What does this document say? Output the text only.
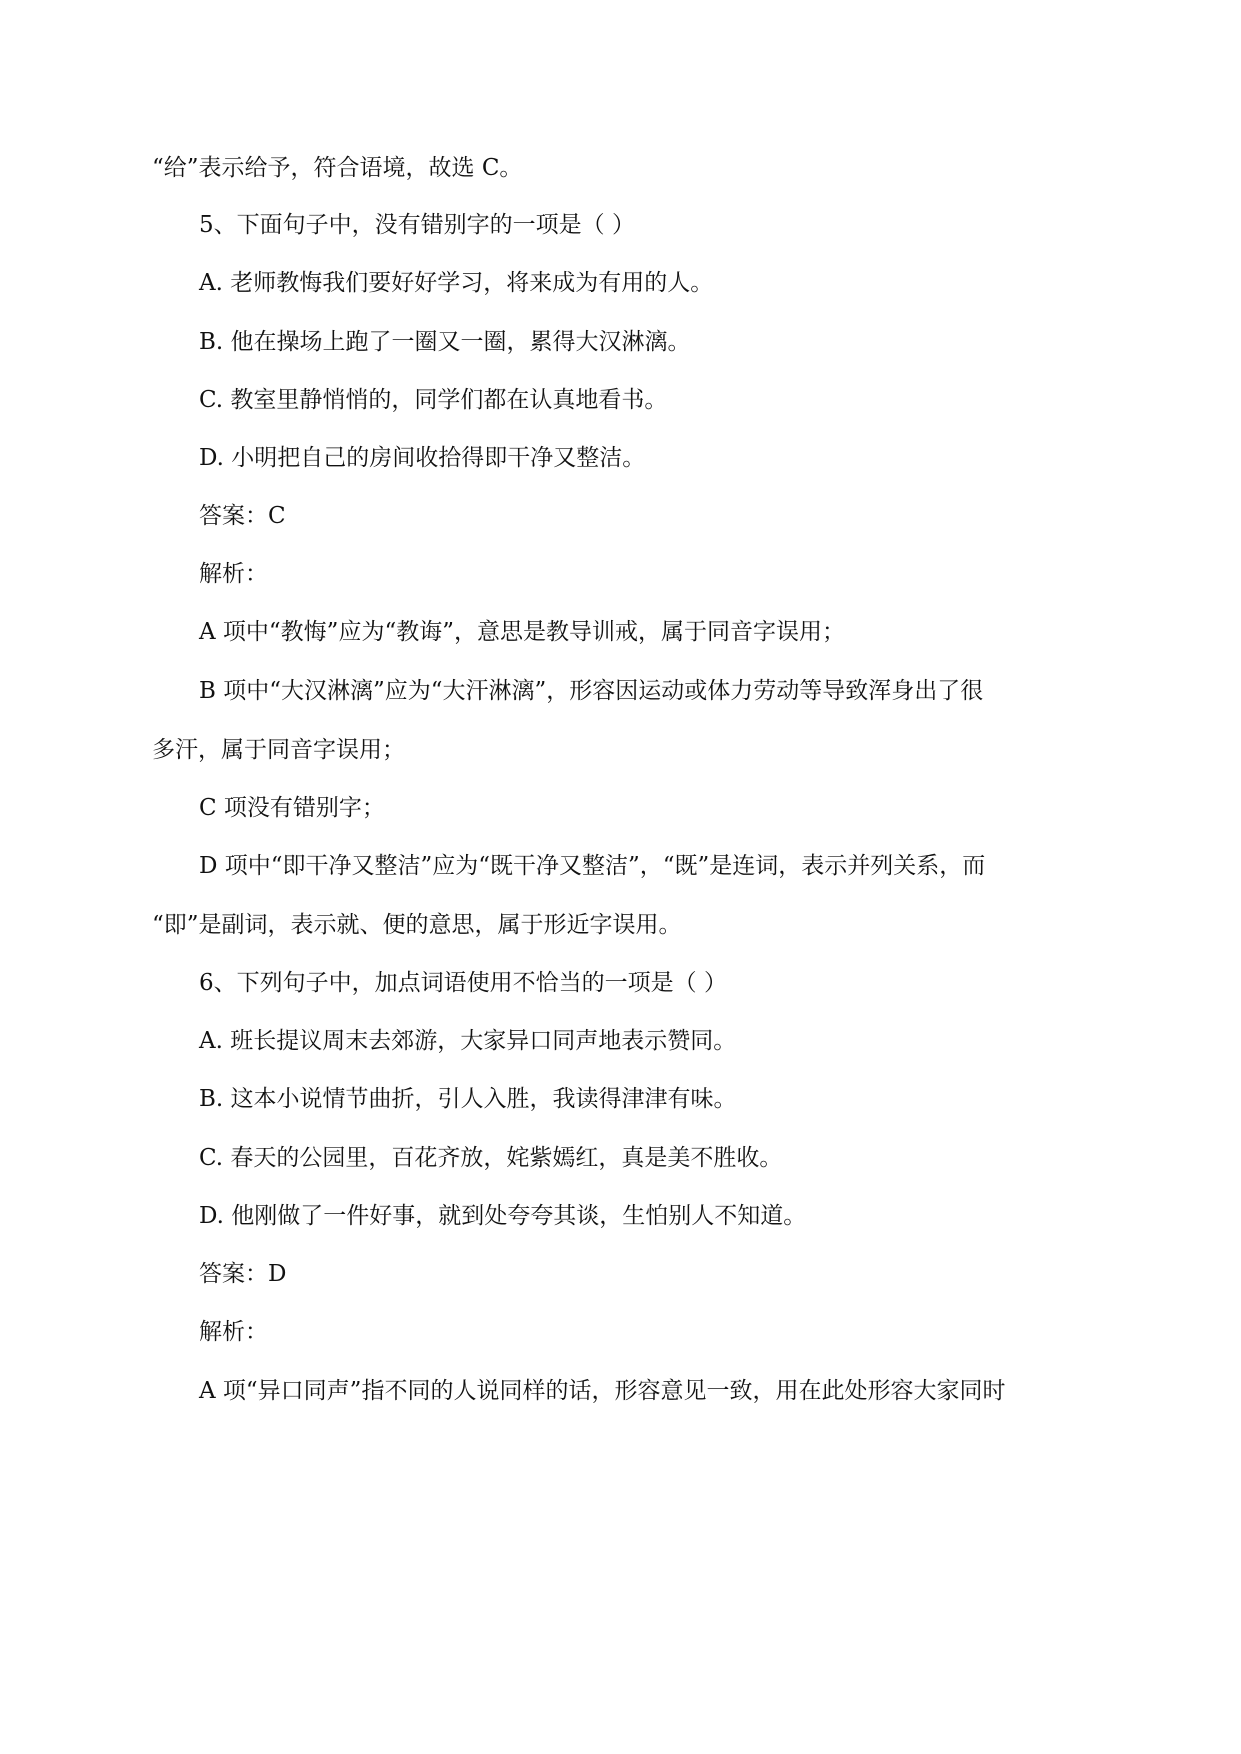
“给”表示给予，符合语境，故选 C。
5、下面句子中，没有错别字的一项是（ ）
A. 老师教悔我们要好好学习，将来成为有用的人。
B. 他在操场上跑了一圈又一圈，累得大汉淋漓。
C. 教室里静悄悄的，同学们都在认真地看书。
D. 小明把自己的房间收拾得即干净又整洁。
答案：C
解析：
A 项中“教悔”应为“教诲”，意思是教导训戒，属于同音字误用；
B 项中“大汉淋漓”应为“大汗淋漓”，形容因运动或体力劳动等导致浑身出了很
多汗，属于同音字误用；
C 项没有错别字；
D 项中“即干净又整洁”应为“既干净又整洁”，“既”是连词，表示并列关系，而
“即”是副词，表示就、便的意思，属于形近字误用。
6、下列句子中，加点词语使用不恰当的一项是（ ）
A. 班长提议周末去郊游，大家异口同声地表示赞同。
B. 这本小说情节曲折，引人入胜，我读得津津有味。
C. 春天的公园里，百花齐放，姹紫嫣红，真是美不胜收。
D. 他刚做了一件好事，就到处夸夸其谈，生怕别人不知道。
答案：D
解析：
A 项“异口同声”指不同的人说同样的话，形容意见一致，用在此处形容大家同时
